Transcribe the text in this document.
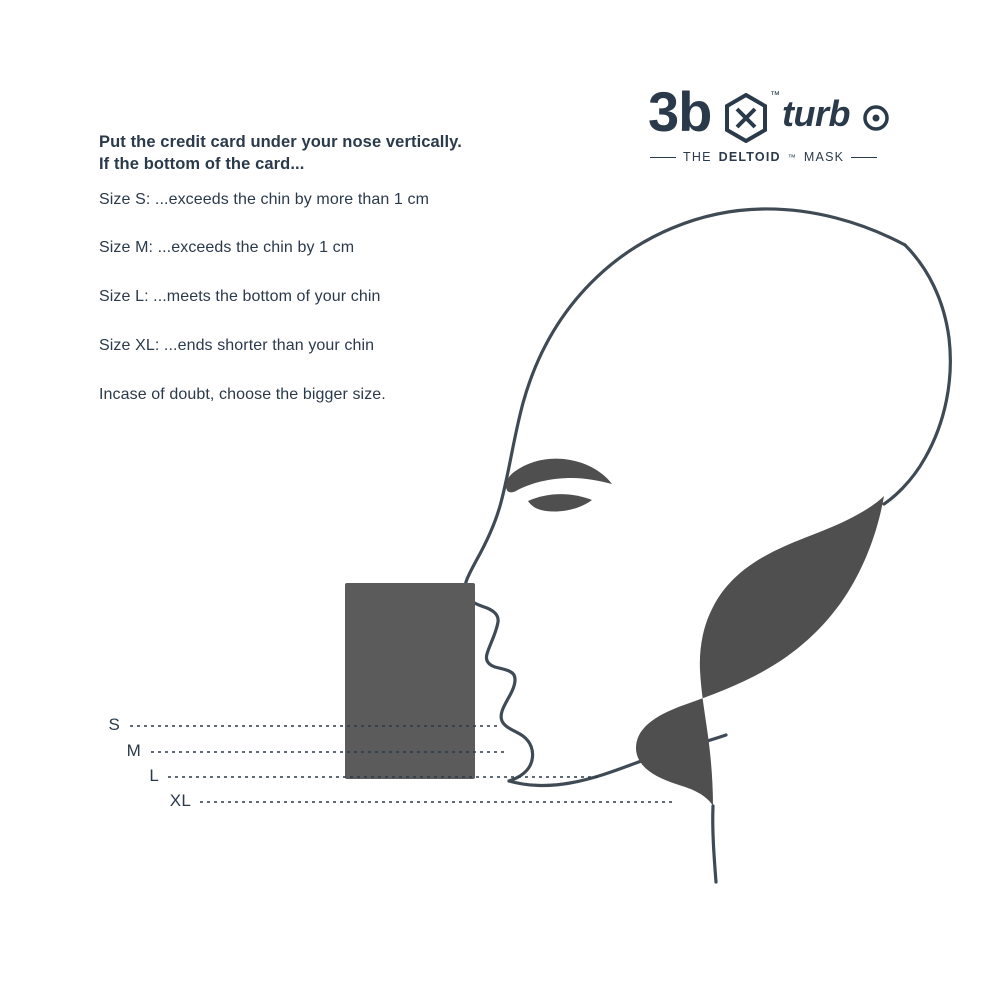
Put the credit card under your nose vertically.
If the bottom of the card...

Size S: ...exceeds the chin by more than 1 cm

Size M: ...exceeds the chin by 1 cm

Size L: ...meets the bottom of your chin

Size XL: ...ends shorter than your chin

Incase of doubt, choose the bigger size.

3b	™ turb
THE DELTOID ™ MASK
S
M
L
XL
